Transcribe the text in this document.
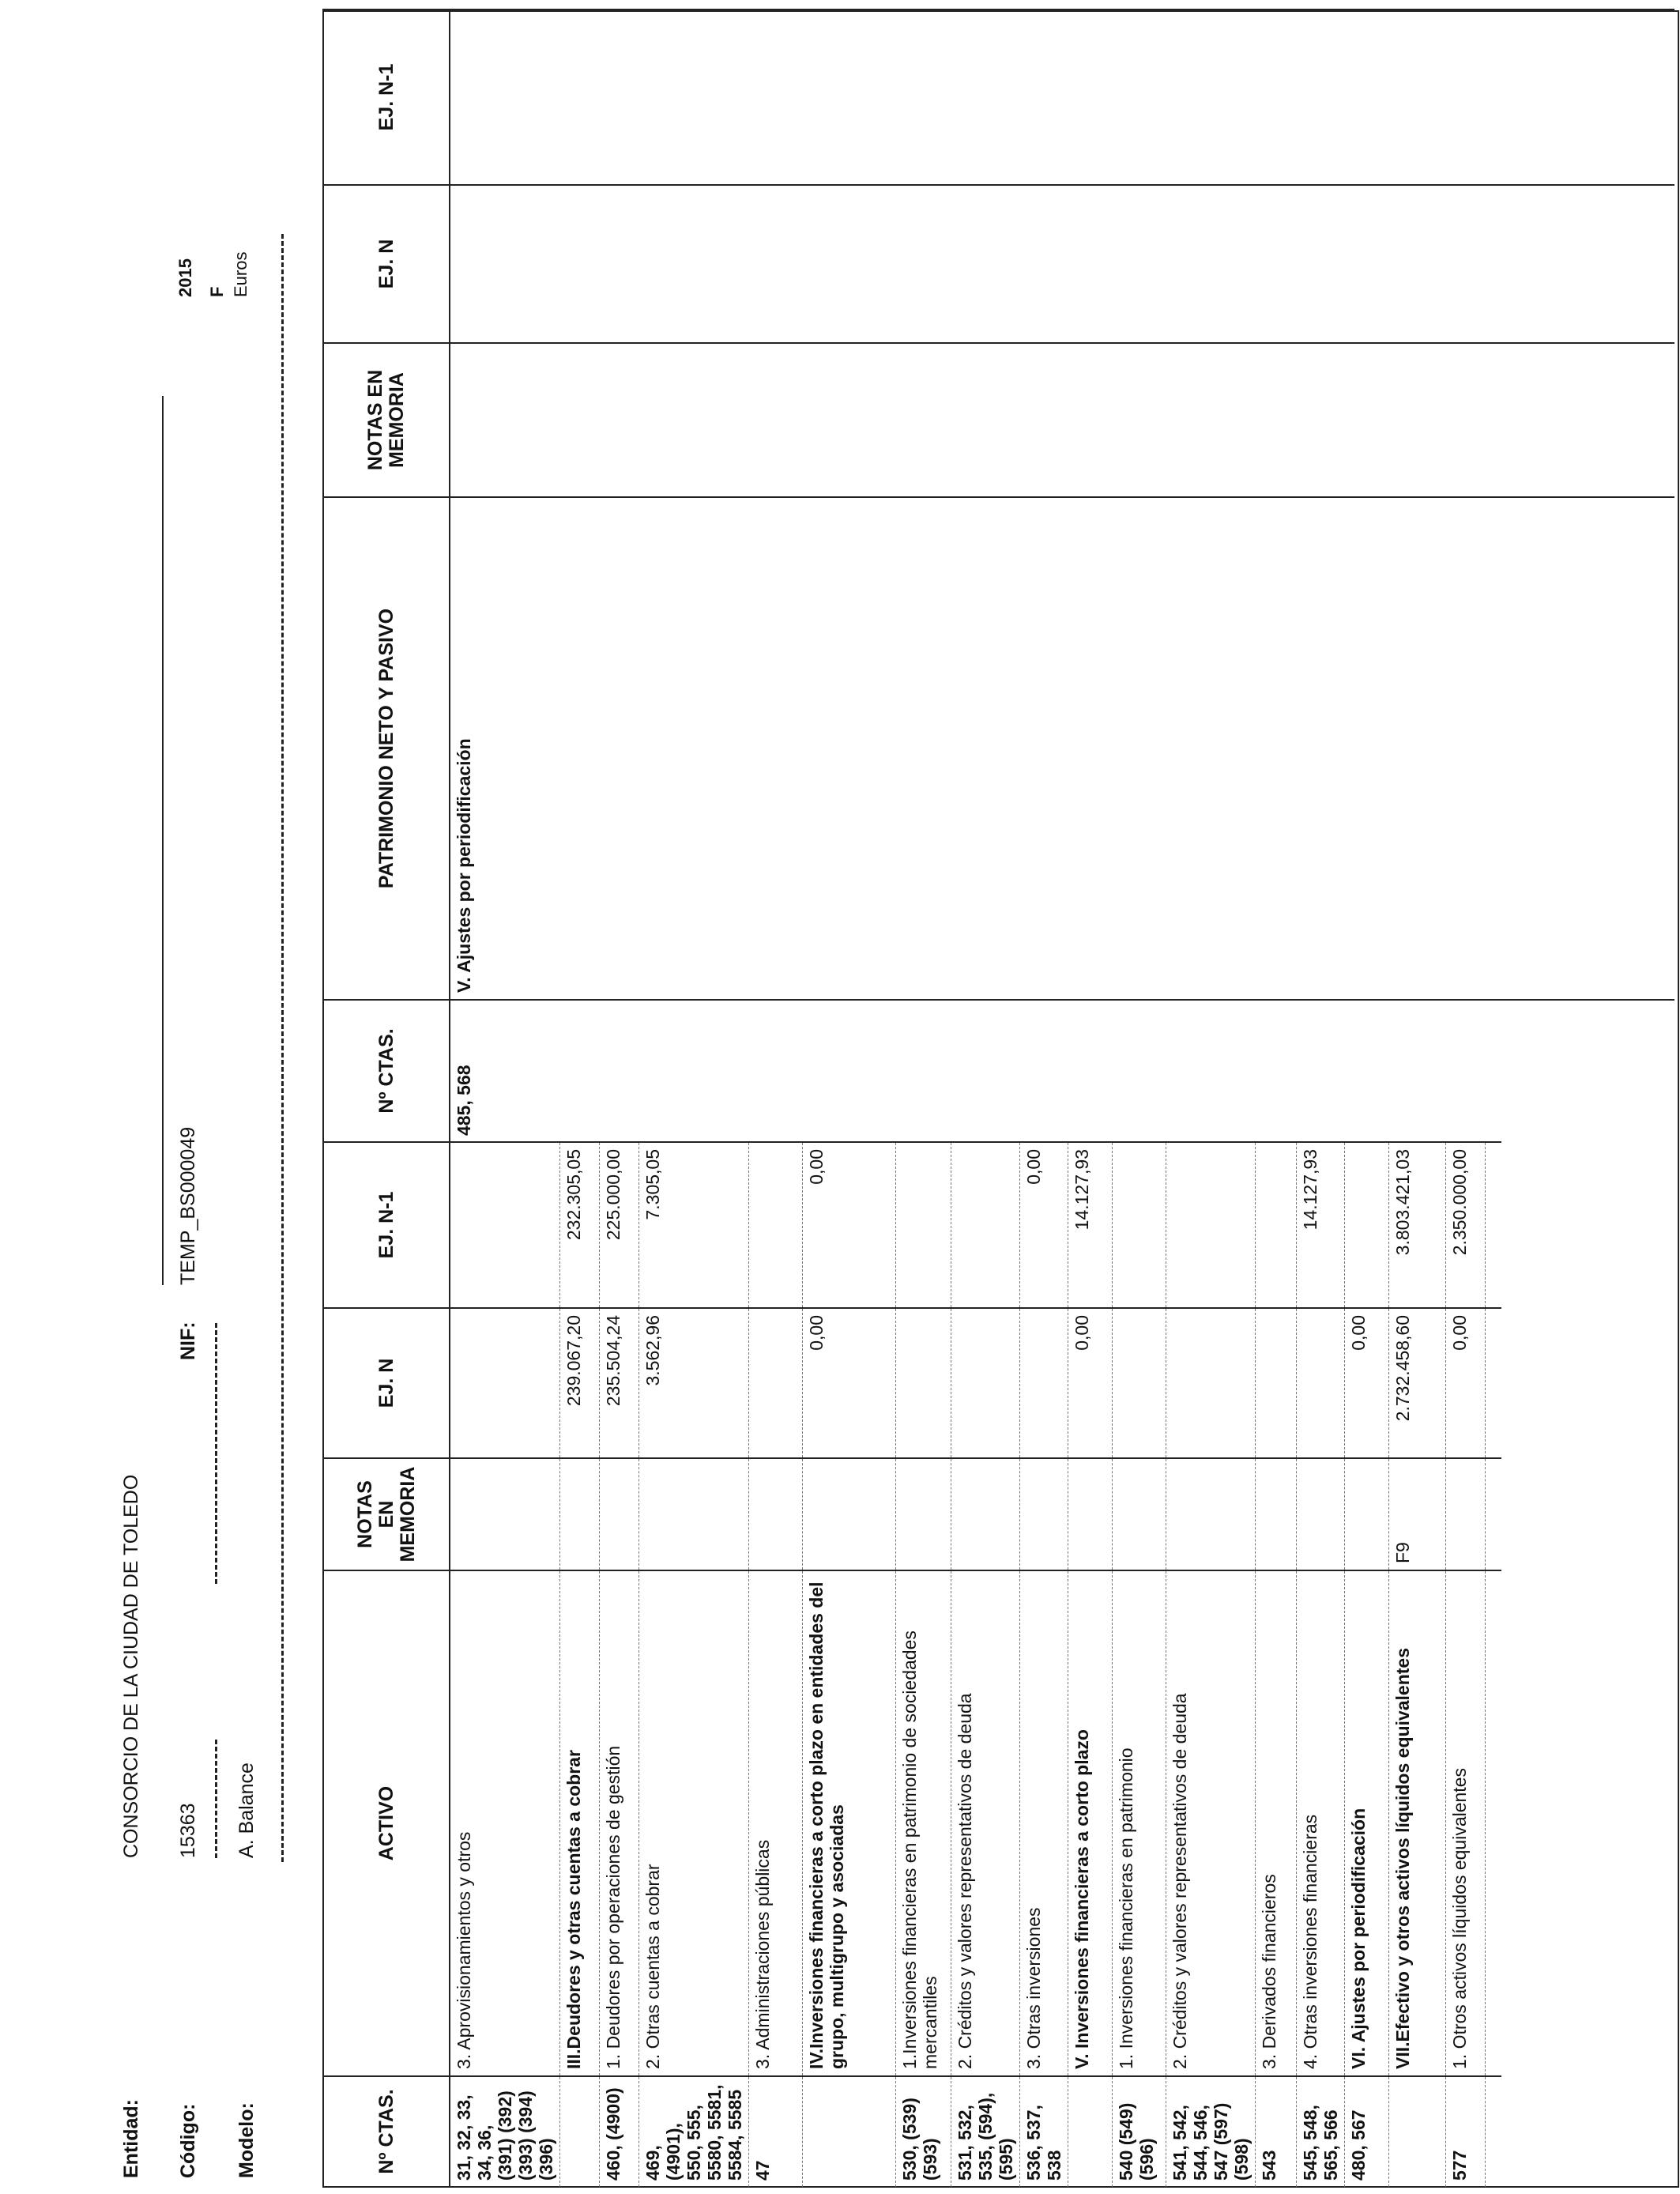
Entidad:
CONSORCIO DE LA CIUDAD DE TOLEDO
Código:
15363
NIF:
TEMP_BS000049
Modelo:
A. Balance
2015 F Euros
Nº CTAS.	ACTIVO	NOTAS EN MEMORIA	EJ. N	EJ. N-1
31, 32, 33, 34, 36, (391) (392) (393) (394) (396)	3. Aprovisionamientos y otros			
	III.Deudores y otras cuentas a cobrar		239.067,20	232.305,05
460, (4900)	1. Deudores por operaciones de gestión		235.504,24	225.000,00
469, (4901), 550, 555, 5580, 5581, 5584, 5585	2. Otras cuentas a cobrar		3.562,96	7.305,05
47	3. Administraciones públicas			
	IV.Inversiones financieras a corto plazo en entidades del grupo, multigrupo y asociadas		0,00	0,00
530, (539) (593)	1.Inversiones financieras en patrimonio de sociedades mercantiles			
531, 532, 535, (594), (595)	2. Créditos y valores representativos de deuda			
536, 537, 538	3. Otras inversiones			0,00
	V. Inversiones financieras a corto plazo		0,00	14.127,93
540 (549) (596)	1. Inversiones financieras en patrimonio			
541, 542, 544, 546, 547 (597) (598)	2. Créditos y valores representativos de deuda			
543	3. Derivados financieros			
545, 548, 565, 566	4. Otras inversiones financieras			14.127,93
480, 567	VI. Ajustes por periodificación		0,00	
	VII.Efectivo y otros activos líquidos equivalentes	F9	2.732.458,60	3.803.421,03
577	1. Otros activos líquidos equivalentes		0,00	2.350.000,00

Nº CTAS.	PATRIMONIO NETO Y PASIVO	NOTAS EN MEMORIA	EJ. N	EJ. N-1
485, 568	V. Ajustes por periodificación			
